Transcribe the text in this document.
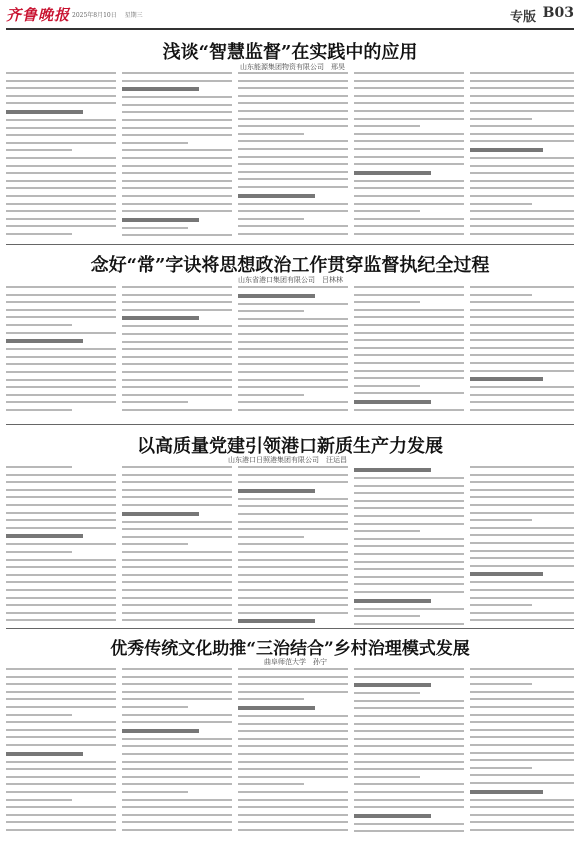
齐鲁晚报 2025年8月10日 星期三	专版 B03
浅谈“智慧监督”在实践中的应用
山东能源集团物资有限公司　邢昊
念好“常”字诀将思想政治工作贯穿监督执纪全过程
山东省港口集团有限公司　吕林林
以高质量党建引领港口新质生产力发展
山东港口日照港集团有限公司　汪运昌
优秀传统文化助推“三治结合”乡村治理模式发展
曲阜师范大学　孙宁
